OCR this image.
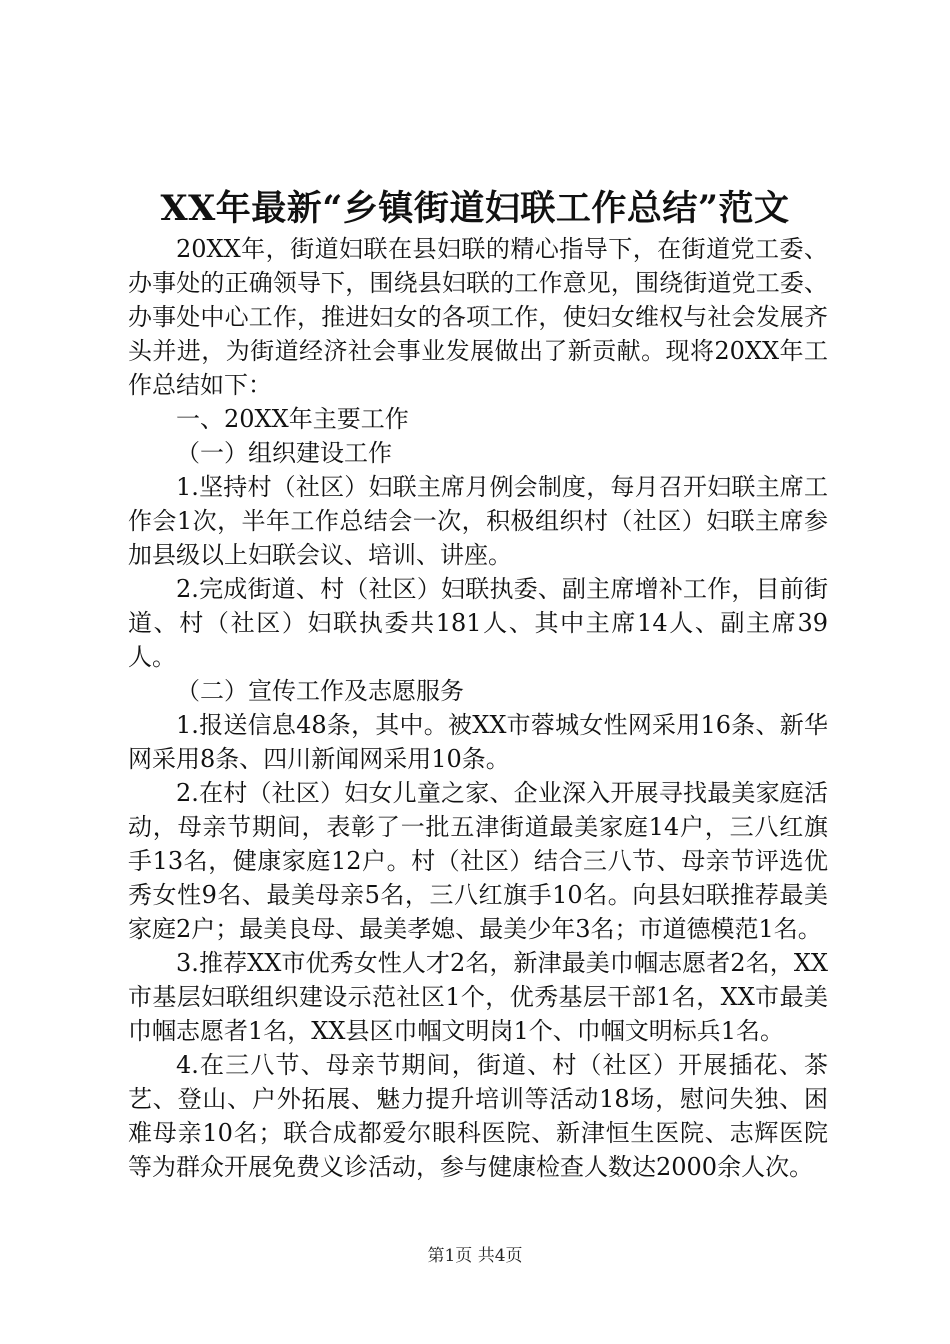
XX年最新“乡镇街道妇联工作总结”范文

20XX年，街道妇联在县妇联的精心指导下，在街道党工委、办事处的正确领导下，围绕县妇联的工作意见，围绕街道党工委、办事处中心工作，推进妇女的各项工作，使妇女维权与社会发展齐头并进，为街道经济社会事业发展做出了新贡献。现将20XX年工作总结如下：

一、20XX年主要工作

（一）组织建设工作

1.坚持村（社区）妇联主席月例会制度，每月召开妇联主席工作会1次，半年工作总结会一次，积极组织村（社区）妇联主席参加县级以上妇联会议、培训、讲座。

2.完成街道、村（社区）妇联执委、副主席增补工作，目前街道、村（社区）妇联执委共181人、其中主席14人、副主席39人。

（二）宣传工作及志愿服务

1.报送信息48条，其中。被XX市蓉城女性网采用16条、新华网采用8条、四川新闻网采用10条。

2.在村（社区）妇女儿童之家、企业深入开展寻找最美家庭活动，母亲节期间，表彰了一批五津街道最美家庭14户，三八红旗手13名，健康家庭12户。村（社区）结合三八节、母亲节评选优秀女性9名、最美母亲5名，三八红旗手10名。向县妇联推荐最美家庭2户；最美良母、最美孝媳、最美少年3名；市道德模范1名。

3.推荐XX市优秀女性人才2名，新津最美巾帼志愿者2名，XX市基层妇联组织建设示范社区1个，优秀基层干部1名，XX市最美巾帼志愿者1名，XX县区巾帼文明岗1个、巾帼文明标兵1名。

4.在三八节、母亲节期间，街道、村（社区）开展插花、茶艺、登山、户外拓展、魅力提升培训等活动18场，慰问失独、困难母亲10名；联合成都爱尔眼科医院、新津恒生医院、志辉医院等为群众开展免费义诊活动，参与健康检查人数达2000余人次。

第1页 共4页
